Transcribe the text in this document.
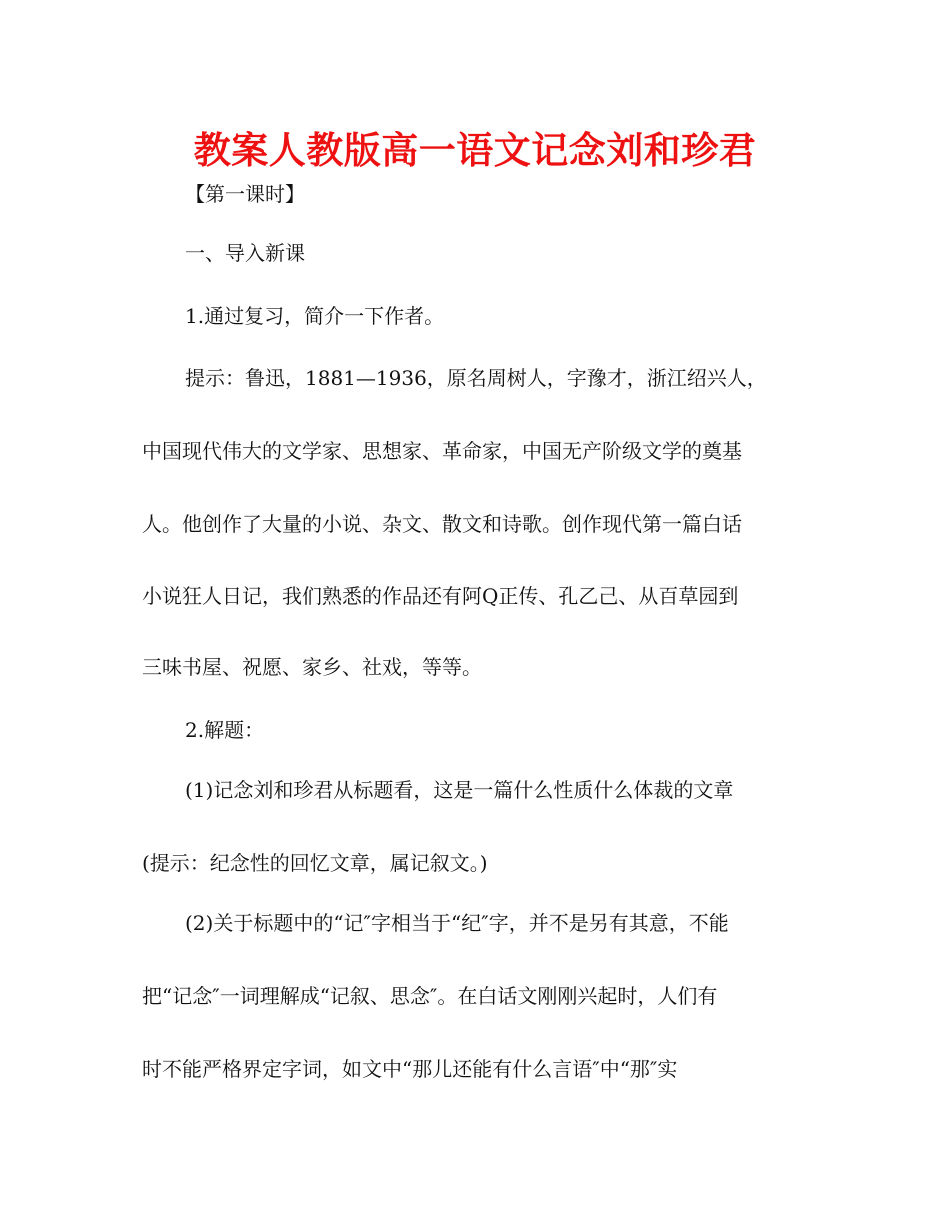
教案人教版高一语文记念刘和珍君
【第一课时】
一、导入新课
1.通过复习，简介一下作者。
提示：鲁迅，1881—1936，原名周树人，字豫才，浙江绍兴人，
中国现代伟大的文学家、思想家、革命家，中国无产阶级文学的奠基
人。他创作了大量的小说、杂文、散文和诗歌。创作现代第一篇白话
小说狂人日记，我们熟悉的作品还有阿Q正传、孔乙己、从百草园到
三味书屋、祝愿、家乡、社戏，等等。
2.解题：
(1)记念刘和珍君从标题看，这是一篇什么性质什么体裁的文章
(提示：纪念性的回忆文章，属记叙文。)
(2)关于标题中的“记″字相当于“纪″字，并不是另有其意，不能
把“记念″一词理解成“记叙、思念″。在白话文刚刚兴起时，人们有
时不能严格界定字词，如文中“那儿还能有什么言语″中“那″实
